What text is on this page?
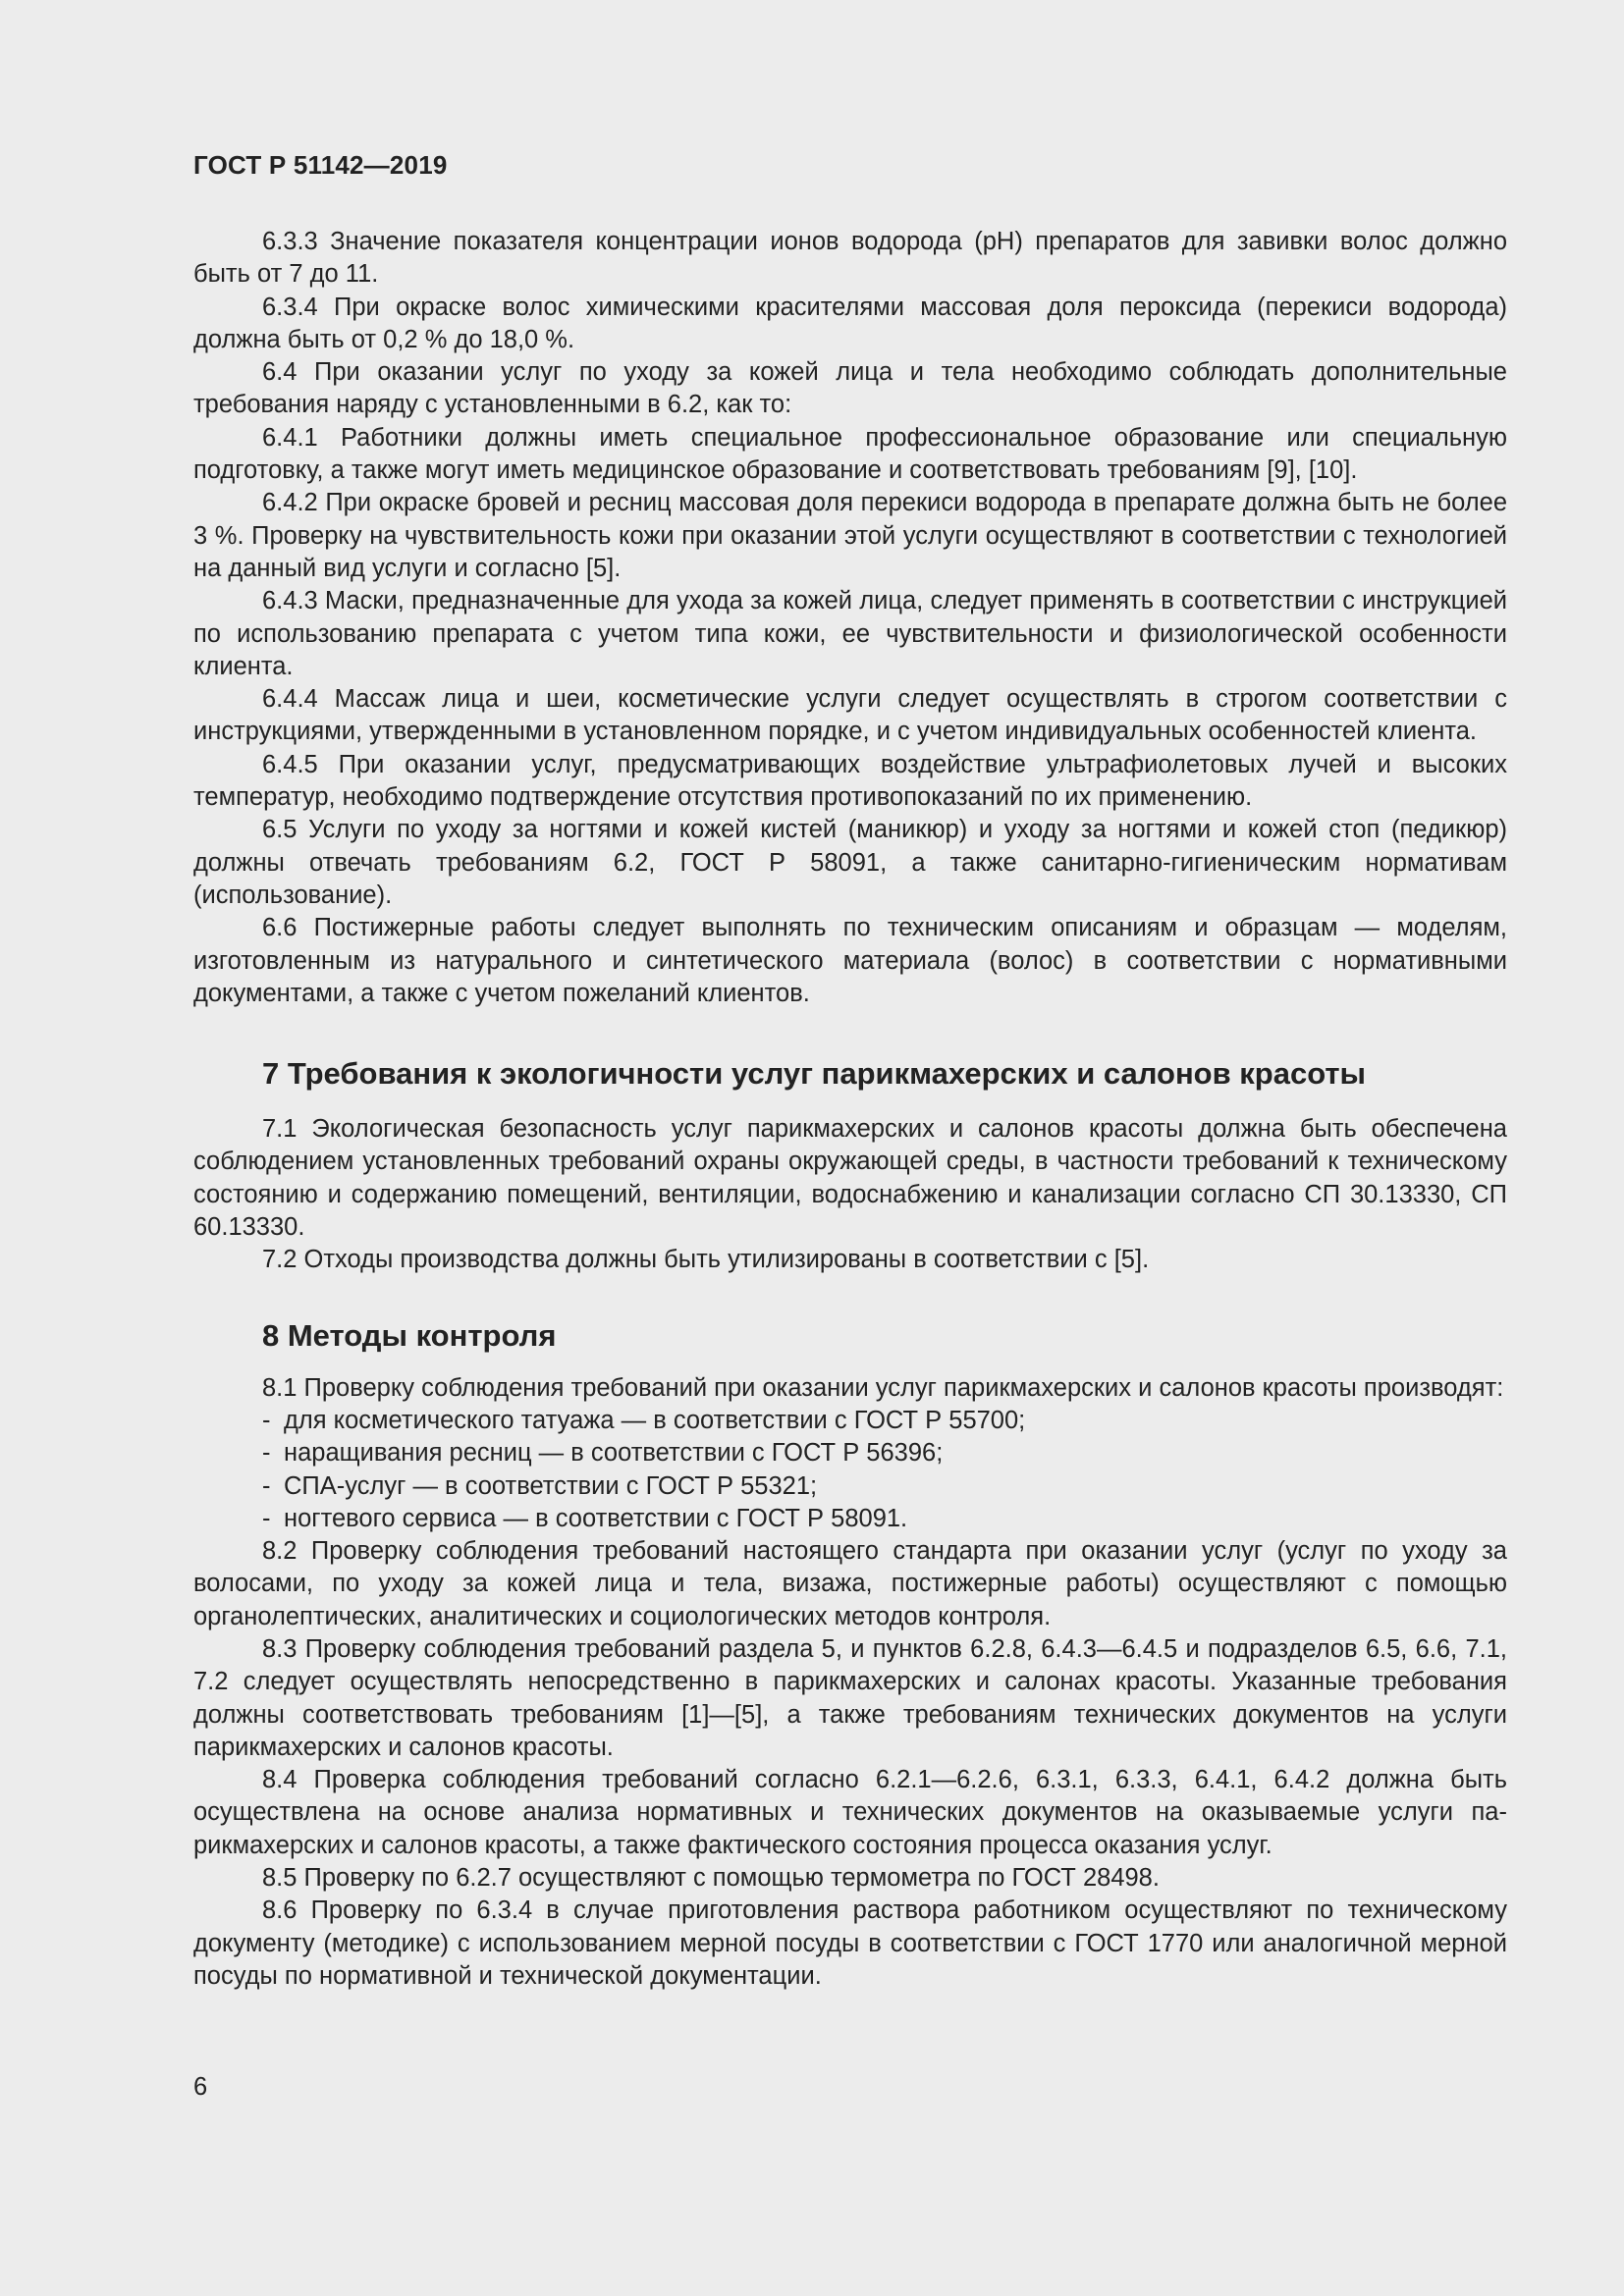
ГОСТ Р 51142—2019

6.3.3 Значение показателя концентрации ионов водорода (pH) препаратов для завивки волос должно быть от 7 до 11.

6.3.4 При окраске волос химическими красителями массовая доля пероксида (перекиси водорода) должна быть от 0,2 % до 18,0 %.

6.4 При оказании услуг по уходу за кожей лица и тела необходимо соблюдать дополнительные требования наряду с установленными в 6.2, как то:

6.4.1 Работники должны иметь специальное профессиональное образование или специальную подготовку, а также могут иметь медицинское образование и соответствовать требованиям [9], [10].

6.4.2 При окраске бровей и ресниц массовая доля перекиси водорода в препарате должна быть не более 3 %. Проверку на чувствительность кожи при оказании этой услуги осуществляют в соответствии с технологией на данный вид услуги и согласно [5].

6.4.3 Маски, предназначенные для ухода за кожей лица, следует применять в соответствии с инструкцией по использованию препарата с учетом типа кожи, ее чувствительности и физиологической особенности клиента.

6.4.4 Массаж лица и шеи, косметические услуги следует осуществлять в строгом соответствии с инструкциями, утвержденными в установленном порядке, и с учетом индивидуальных особенностей клиента.

6.4.5 При оказании услуг, предусматривающих воздействие ультрафиолетовых лучей и высоких температур, необходимо подтверждение отсутствия противопоказаний по их применению.

6.5 Услуги по уходу за ногтями и кожей кистей (маникюр) и уходу за ногтями и кожей стоп (педикюр) должны отвечать требованиям 6.2, ГОСТ Р 58091, а также санитарно-гигиеническим нормативам (использование).

6.6 Постижерные работы следует выполнять по техническим описаниям и образцам — моделям, изготовленным из натурального и синтетического материала (волос) в соответствии с нормативными документами, а также с учетом пожеланий клиентов.

7 Требования к экологичности услуг парикмахерских и салонов красоты

7.1 Экологическая безопасность услуг парикмахерских и салонов красоты должна быть обеспечена соблюдением установленных требований охраны окружающей среды, в частности требований к техническому состоянию и содержанию помещений, вентиляции, водоснабжению и канализации согласно СП 30.13330, СП 60.13330.

7.2 Отходы производства должны быть утилизированы в соответствии с [5].

8 Методы контроля

8.1 Проверку соблюдения требований при оказании услуг парикмахерских и салонов красоты производят:

- для косметического татуажа — в соответствии с ГОСТ Р 55700;

- наращивания ресниц — в соответствии с ГОСТ Р 56396;

- СПА-услуг — в соответствии с ГОСТ Р 55321;

- ногтевого сервиса — в соответствии с ГОСТ Р 58091.

8.2 Проверку соблюдения требований настоящего стандарта при оказании услуг (услуг по уходу за волосами, по уходу за кожей лица и тела, визажа, постижерные работы) осуществляют с помощью органолептических, аналитических и социологических методов контроля.

8.3 Проверку соблюдения требований раздела 5, и пунктов 6.2.8, 6.4.3—6.4.5 и подразделов 6.5, 6.6, 7.1, 7.2 следует осуществлять непосредственно в парикмахерских и салонах красоты. Указанные требования должны соответствовать требованиям [1]—[5], а также требованиям технических документов на услуги парикмахерских и салонов красоты.

8.4 Проверка соблюдения требований согласно 6.2.1—6.2.6, 6.3.1, 6.3.3, 6.4.1, 6.4.2 должна быть осуществлена на основе анализа нормативных и технических документов на оказываемые услуги парикмахерских и салонов красоты, а также фактического состояния процесса оказания услуг.

8.5 Проверку по 6.2.7 осуществляют с помощью термометра по ГОСТ 28498.

8.6 Проверку по 6.3.4 в случае приготовления раствора работником осуществляют по техническому документу (методике) с использованием мерной посуды в соответствии с ГОСТ 1770 или аналогичной мерной посуды по нормативной и технической документации.

6
